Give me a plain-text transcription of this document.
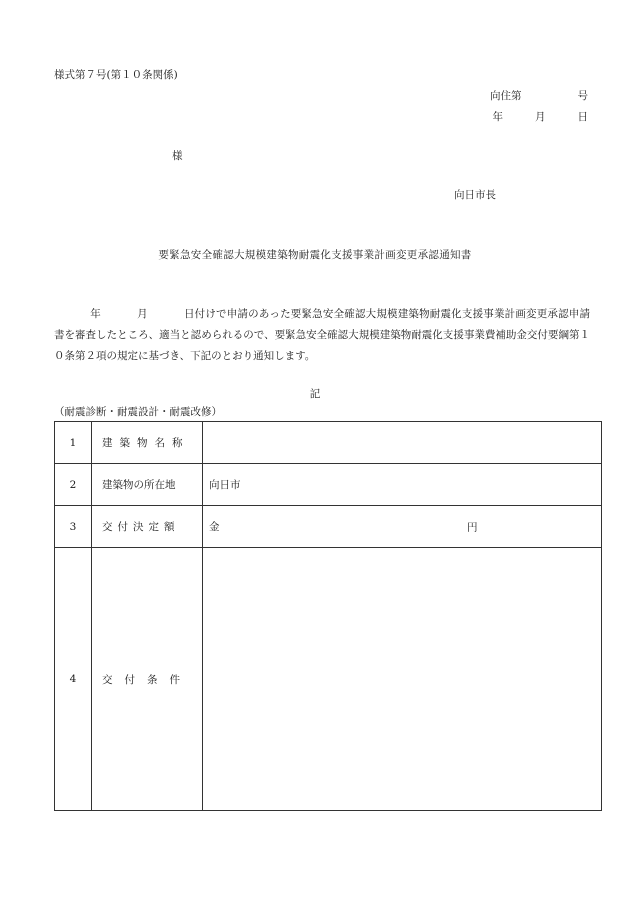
様式第７号(第１０条関係)
向住第	号
年	月	日
様
向日市長
要緊急安全確認大規模建築物耐震化支援事業計画変更承認通知書
年	月	日付けで申請のあった要緊急安全確認大規模建築物耐震化支援事業計画変更承認申請書を審査したところ、適当と認められるので、要緊急安全確認大規模建築物耐震化支援事業費補助金交付要綱第１０条第２項の規定に基づき、下記のとおり通知します。
記
（耐震診断・耐震設計・耐震改修）
1	建築物名称	
2	建築物の所在地	向日市
3	交付決定額	金 円

4	交付条件	
